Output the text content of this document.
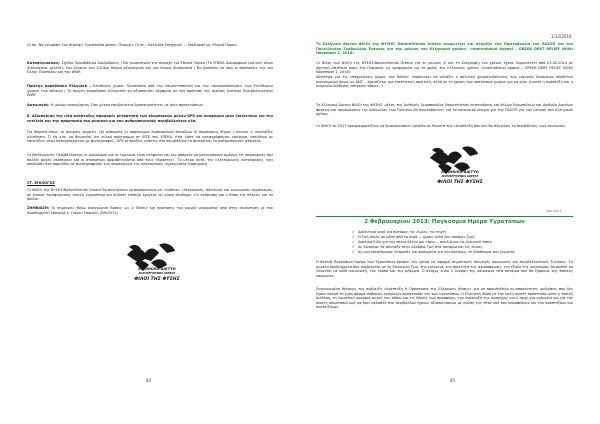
Οι πη: Να γνωρίσει την περιοχή. Προστασία φύσης: Περιοχή: Οι πη - Καλλιδία Σπερχειού — Μαλιακού ως Εθνικό Πάρκο.
Καταφύγιασκαις: Σχέδιο Προσβάσιμα Διαδρόμοιες / Να γνωριστούν την περιοχή για Εθνικό Πάρκο (Το ΥΠΕΚΑ διαμόρφωνε μια καν' όλων διαδικασίας μελέτες του Αίγαιου του 2014με πλήρη αξιολόγηση και μια έννοια διαδικασία / Να βρεθούν υπ' όψη οι προτάσεις της και Ελλάς Πορτάλου και του WWF.
Πρώτην καραβόσκυ Ελληνικό – Ελεύθεροι χώροι: Προστασία από την τσιμεντοποίηση και την «Διανοικόποιηση» των Ελεύθερων χώρων των πόλεων / Τη πρώτη καραβόσκυ Ελληνικού να αξιοποιηθεί σύμφωνα με την πρόταση της ομάδας Αστικού Περιβαλλοντικού WWF.
Ακτωνικός: Η μόνιμη αναγνώριση. Παν μέτρα επειδαίνετια δραστηριότητες με άνευ προεκτάσεων.
Ε. Αξιοποίηση της ιδέα ανάπτυξης προφορές μετάρτηση των ολυμπιακών μελών GPS και αναφορών μίαν διαδικτύου για την ευτελεία και την προστασία του φυσικού και του ανθρωπογενούς περιβάλλοντος κλπ.
Για θέματα όπως: α) ανεχρής χαμρτίς, (β) ρύπανσης γ) παρανομών διαπερασιών παναδίων δ) παράνομης θήρας / αλιείας ε) κρουαζίες ολισθησης ζ) ήχ κλπ. να θεωρηθεί ότι ειδικό πρόγραμμα σε SITE του ΥΠΕΚΑ, έτσι ώστε να καταγράφονται γρήγορα, υπεύθυνα με επιτεύξεις στον καταγραμμένων με φωτογραφίες, GPS οι πράξεις ενάντια στο περιβάλλον το φυσικό και το ανθρωπογενές στοιχεία.
Οι Επιθεωρητές Περιβάλλοντος οι Δασονόμοι και οι λιμενικοί είναι αλλφατοι και δεν μπορούν να καταγράψουν αμέσως τις παρανομίες που πολλές φορές σκοπεύουν και οι στοπιστών αμφισβητούνται από τους «θράστες». Το μέτρο αυτό, της ηλεκτρονικής καταγραφής, έχει αποδώσει στο παρελθόν με φωτογραφίαση των παρανομιών της προτονικούς μηχανήματα διαφήμισης.
ΣΤ. ΕΠΙΛΟΓΟΣ
Οι ΦΙΛΟΙ της ΦΥΣΗΣ/Naturefriends Greece θα συνεχίσουν να παραμείνουν ως «γήβαιο», ιδεολογικός, πολιτικός και κοινωνικός οργανισμός, σε τοπικό, περιφερειακό, εθνικό, ευρωπαϊκό και διεθνές επίπεδο έχοντας ως κύριο σύνθημα: «Οι άνθρωποι και η Φύση της πόλεως και τα ποίδα».
ΣΗΜΕΙΩΣΗ: Οι σημαίνεις πάνω αναγνώρισι Βάσεις ως ο Θέσεις και πρότασης του κοινού μέραματος απο στην συνάντηση με τον Αναπληρωτή Υπουργό κ. Γιάννη Τσιρώνη (5/8/2015)
ΕΛΛΗΝΙΚΟ ΔΙΚΤΥΟ
NATUREFRIENDS GREECE
ΦΙΛΟΙ ΤΗΣ ΦΥΣΗΣ
84
1/12/2016
Το Ελληνικό Δίκτυο ΦΙΛΟΙ της ΦΥΣΗΣ/ Naturefriends Greece συμμετέχει και στηρίζει την Πρωτοβουλία του ΠΑΣΟΠ και του Πανελληνίου Συμβουλίου Έρευνας για την μείωση του Ελληνικού χρέους: «International Appeal – GREEK DEBT RELIEF NOW/ November 1, 2016»
Οι Φίλοι των ΦΙΛΟΙ της ΦΥΣΗΣ/Naturefriends Greece για τη μείωση (ή και τη διαγραφή) του χρέους έχουν δημοσιευτεί από 23.02.2014 με σχετική επιστολή προς την Γερμανία, με γραφήματα για το χρέος της Ελληνικής χρέους «International Appeal – GREEK DEBT RELIEF NOW/ November 1, 2016»
Ιδιαίτερα για τις υποχρεώσεις χώρες του Νότου: «πρόκειται να αλλάξει η πολιτική χρηματοδότησης των ισχυρών δυνάμεων σύνθετων οικονομικών όρων ως ΔΝΤ... Χρειάζεται μια επεκτατική πολιτική, αλλά με τη χρήση των υπολοίπων χωρών για να γίνει δυνατή η ανάπτυξη και η ευημερία διάθεσης επαρκών τόπων...»
Το Ελληνικό Δίκτυο ΦΙΛΟΙ της ΦΥΣΗΣ, μέλος της Διεθνούς Ομοσπονδίας Naturefriends International και άλλων Ευρωπαϊκών και Διεθνών Δικτύων φορέων και οργανώσεων της Κοινωνίας των Πολιτών θα πρωτοβουλίες για το κοινωνικό κίνημα για την ΠΑΣΟΠ για την μείωση του Ελληνικού χρέους.
Οι ΦΙΛΟΙ το 2017 προγραμματίζουν να διοργανώσουν ημερίδα με θέματα την «Ανάπτυξη που δεν θα πληγώνει το περιβάλλον, ηων κοινωνία».
ΕΛΛΗΝΙΚΟ ΔΙΚΤΥΟ
NATUREFRIENDS GREECE
ΦΙΛΟΙ ΤΗΣ ΦΥΣΗΣ
28/1/2013
2 Φεβρουαρίου 2013: Παγκόσμια Ημέρα Υγροτόπων
✔ Αρδευτικό νερό για ποτάμια, τις λίμνες, τις πηγές
✔ Η ζωή (πολύ ιοι μέσα από το νερό — χωρίς αυτό δεν υπάρχει ζωή)
✔ Αρκτικά Είδη για την πόλια δέλτα μια τίρια ... πουλιά και το ελληνικό τοπίο
✔ Ας δώσουμε τα σύνταξα στην υδρόβια ζωή στα ποτάμια και τις λίμνες
✔ Ας μην επιτρέψουμε εκτροπές και φράγματα για την ποτάμια, τη βιόσπορια του γεωργού
Η Φεστιβ Παγκόσμια Ημέρα των Υγροτόπων βρίσκει την ημέρα ως αφορμή σημαντικές πολιτικές κοινωνικές και περιβαλλοντικές ζητήσεις. Το μεγάλα προβλήματα που συνδέονται με τη βιολογική ζωή, την ενέργεια, την ποιότητα της ατμόσφαιρας, την έξοδο της οικονομίας θα πρέπει να λύνονται με κάθε κοινωνική, τον τρόπο και την μέριμνα. Ο στόχος είναι η δυνάμη της κοινωνίας στα ποτάμια που θα ζήσουμε της τοπικής κοινωνίας.
Συγκεκριμένα θέτουμε την ανάδειξη «Ανάπτυξη Η Προστασία της Ελληνικής Φύσης» για να προωθηθούν οι απαραίτητες ρυθμίσεις που δεν έχουν ακόμα το ευρύ φάσμα σοβαρών εταιρειών προστασίας και των υγροτόπων. Η Ελληνική Φύση με την καλή σωστή προστασία ώστε η τοπική διάθεση, τη γνωστική ομορφιά αυτού του τόπου και τις θέσεις των προσφέρει, την ανάπτυξη της αναψύχης και η αρχή για ενέργεια και για την σωστή προστασία μας να βρει σεβαστό στο περιβάλλον έχουμε αξιοποιήσουμε με γνώση της στον υπό που προσφέρουν και την αναπτύξουν και αναδείξουμε.
85
